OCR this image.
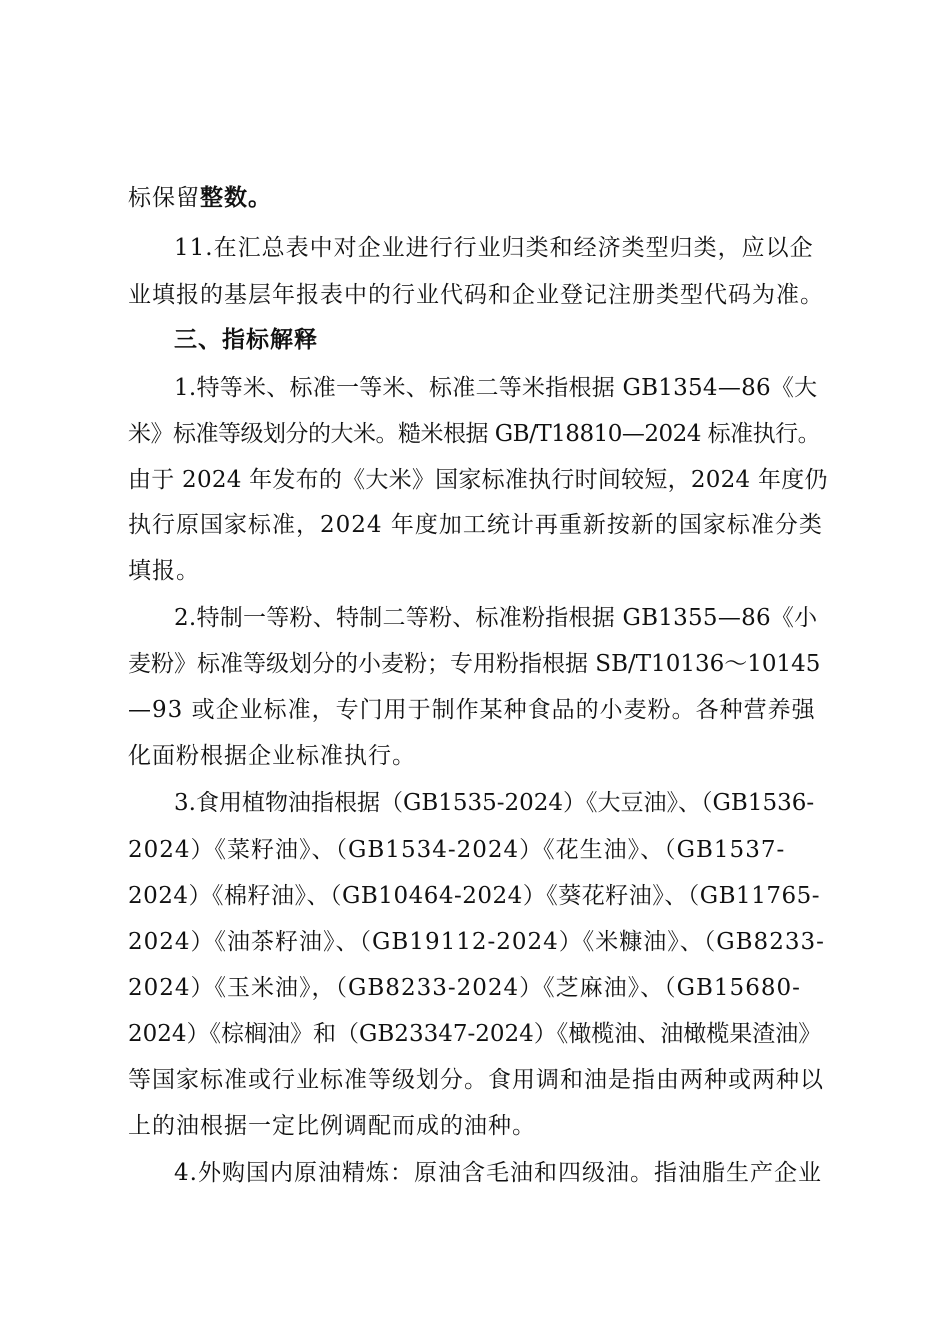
标保留整数。
11.在汇总表中对企业进行行业归类和经济类型归类，应以企
业填报的基层年报表中的行业代码和企业登记注册类型代码为准。
三、指标解释
1.特等米、标准一等米、标准二等米指根据 GB1354—86《大
米》标准等级划分的大米。糙米根据 GB/T18810—2024 标准执行。
由于 2024 年发布的《大米》国家标准执行时间较短，2024 年度仍
执行原国家标准，2024 年度加工统计再重新按新的国家标准分类
填报。
2.特制一等粉、特制二等粉、标准粉指根据 GB1355—86《小
麦粉》标准等级划分的小麦粉；专用粉指根据 SB/T10136～10145
—93 或企业标准，专门用于制作某种食品的小麦粉。各种营养强
化面粉根据企业标准执行。
3.食用植物油指根据（GB1535-2024）《大豆油》、（GB1536-
2024）《菜籽油》、（GB1534-2024）《花生油》、（GB1537-
2024）《棉籽油》、（GB10464-2024）《葵花籽油》、（GB11765-
2024）《油茶籽油》、（GB19112-2024）《米糠油》、（GB8233-
2024）《玉米油》，（GB8233-2024）《芝麻油》、（GB15680-
2024）《棕榈油》和（GB23347-2024）《橄榄油、油橄榄果渣油》
等国家标准或行业标准等级划分。食用调和油是指由两种或两种以
上的油根据一定比例调配而成的油种。
4.外购国内原油精炼：原油含毛油和四级油。指油脂生产企业
